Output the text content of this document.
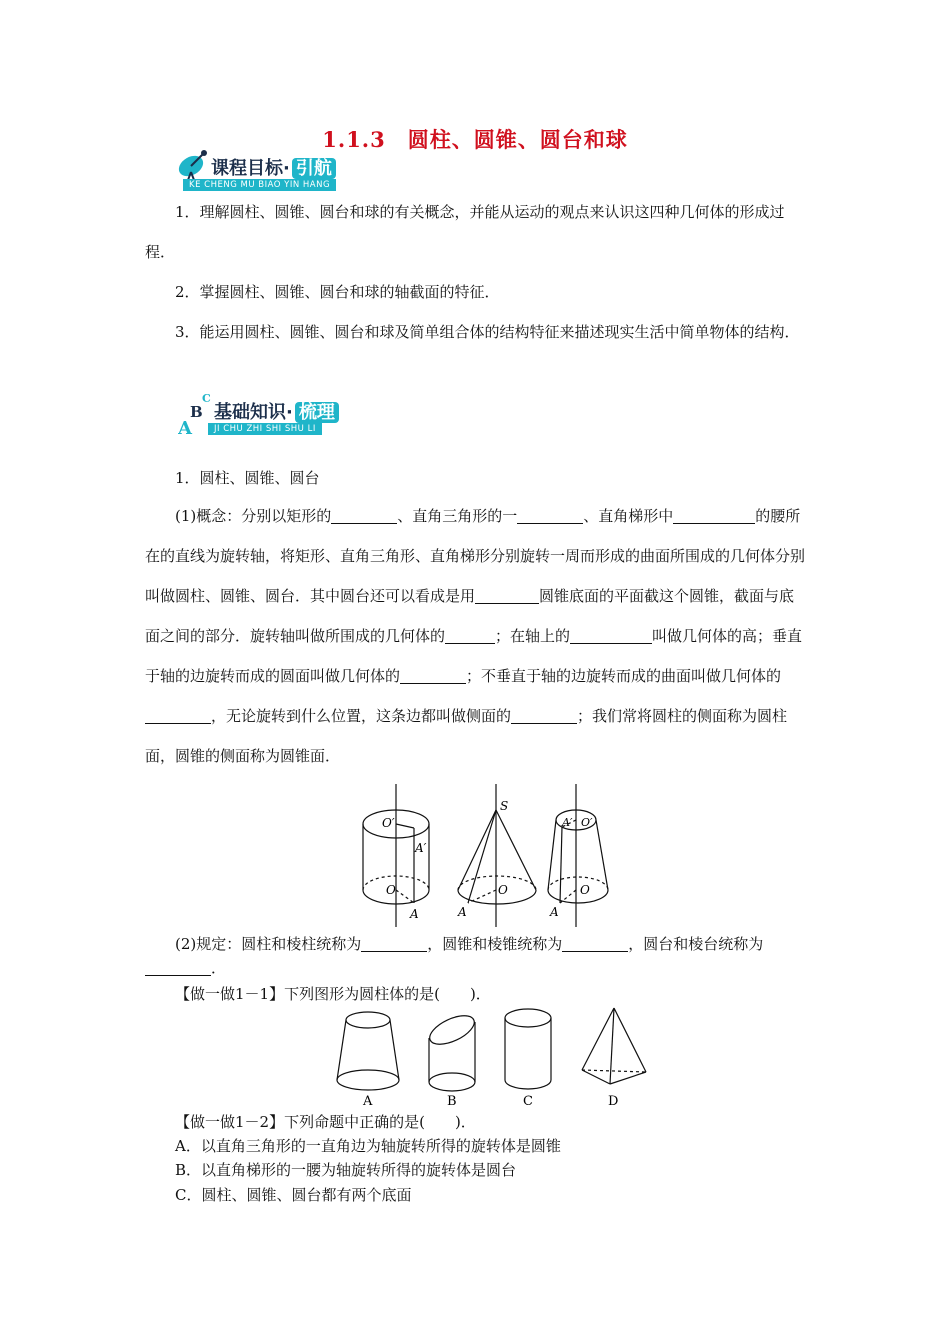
1.1.3　圆柱、圆锥、圆台和球
课程目标· 引航
KE CHENG MU BIAO YIN HANG

1．理解圆柱、圆锥、圆台和球的有关概念，并能从运动的观点来认识这四种几何体的形成过程．

2．掌握圆柱、圆锥、圆台和球的轴截面的特征．

3．能运用圆柱、圆锥、圆台和球及简单组合体的结构特征来描述现实生活中简单物体的结构．

C
B
A
基础知识· 梳理
JI CHU ZHI SHI SHU LI

1．圆柱、圆锥、圆台

(1)概念：分别以矩形的	、直角三角形的一	、直角梯形中	的腰所在的直线为旋转轴，将矩形、直角三角形、直角梯形分别旋转一周而形成的曲面所围成的几何体分别叫做圆柱、圆锥、圆台．其中圆台还可以看成是用	圆锥底面的平面截这个圆锥，截面与底面之间的部分．旋转轴叫做所围成的几何体的	；在轴上的	叫做几何体的高；垂直于轴的边旋转而成的圆面叫做几何体的	；不垂直于轴的边旋转而成的曲面叫做几何体的，无论旋转到什么位置，这条边都叫做侧面的	；我们常将圆柱的侧面称为圆柱面，圆锥的侧面称为圆锥面．

O′
A′
O
A
S
O
A
A′ O′
O
A

(2)规定：圆柱和棱柱统称为	，圆锥和棱锥统称为	，圆台和棱台统称为．

【做一做1－1】下列图形为圆柱体的是(　　)．

A	B	C	D

【做一做1－2】下列命题中正确的是(　　)．

A．以直角三角形的一直角边为轴旋转所得的旋转体是圆锥

B．以直角梯形的一腰为轴旋转所得的旋转体是圆台

C．圆柱、圆锥、圆台都有两个底面
